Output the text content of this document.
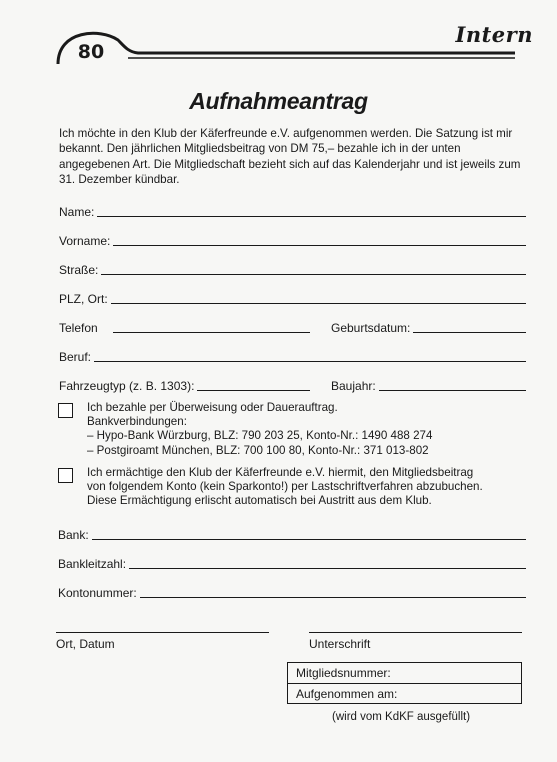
80
Intern
Aufnahmeantrag

Ich möchte in den Klub der Käferfreunde e.V. aufgenommen werden. Die Satzung ist mir bekannt. Den jährlichen Mitgliedsbeitrag von DM 75,– bezahle ich in der unten angegebenen Art. Die Mitgliedschaft bezieht sich auf das Kalenderjahr und ist jeweils zum 31. Dezember kündbar.

Name:
Vorname:
Straße:
PLZ, Ort:
Telefon	Geburtsdatum:
Beruf:
Fahrzeugtyp (z. B. 1303):	Baujahr:

Ich bezahle per Überweisung oder Dauerauftrag.

Bankverbindungen:

– Hypo-Bank Würzburg, BLZ: 790 203 25, Konto-Nr.: 1490 488 274

– Postgiroamt München, BLZ: 700 100 80, Konto-Nr.: 371 013-802

Ich ermächtige den Klub der Käferfreunde e.V. hiermit, den Mitgliedsbeitrag

von folgendem Konto (kein Sparkonto!) per Lastschriftverfahren abzubuchen.

Diese Ermächtigung erlischt automatisch bei Austritt aus dem Klub.

Bank:
Bankleitzahl:
Kontonummer:
Ort, Datum	Unterschrift
Mitgliedsnummer:
Aufgenommen am:
(wird vom KdKF ausgefüllt)
